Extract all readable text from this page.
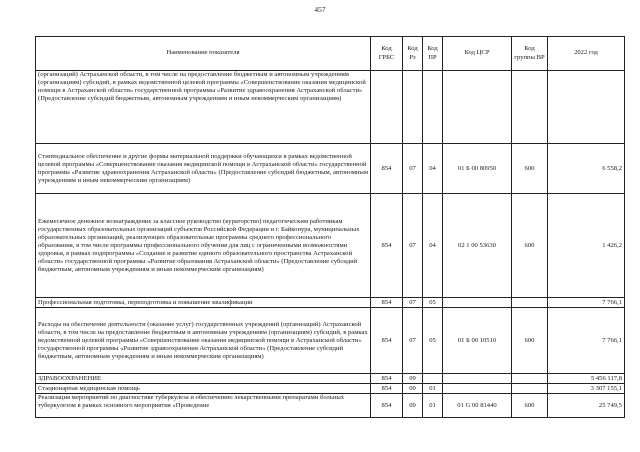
457
Наименование показателя	Код ГРБС	Код Рз	Код ПР	Код ЦСР	Код группы ВР	2022 год
(организаций) Астраханской области, в том числе на предоставление бюджетным и автономным учреждениям (организациям) субсидий, в рамках ведомственной целевой программы «Совершенствование оказания медицинской помощи в Астраханской области» государственной программы «Развитие здравоохранения Астраханской области» (Предоставление субсидий бюджетным, автономным учреждениям и иным некоммерческим организациям)						
Стипендиальное обеспечение и другие формы материальной поддержки обучающихся в рамках ведомственной целевой программы «Совершенствование оказания медицинской помощи в Астраханской области» государственной программы «Развитие здравоохранения Астраханской области» (Предоставление субсидий бюджетным, автономным учреждениям и иным некоммерческим организациям)	854	07	04	01 Б 00 80950	600	6 558,2
Ежемесячное денежное вознаграждение за классное руководство (кураторство) педагогическим работникам государственных образовательных организаций субъектов Российской Федерации и г. Байконура, муниципальных образовательных организаций, реализующих образовательные программы среднего профессионального образования, в том числе программы профессионального обучения для лиц с ограниченными возможностями здоровья, в рамках подпрограммы «Создание и развитие единого образовательного пространства Астраханской области» государственной программы «Развитие образования Астраханской области» (Предоставление субсидий бюджетным, автономным учреждениям и иным некоммерческим организациям)	854	07	04	02 1 00 53630	600	1 426,2
Профессиональная подготовка, переподготовка и повышение квалификации	854	07	05			7 766,1
Расходы на обеспечение деятельности (оказание услуг) государственных учреждений (организаций) Астраханской области, в том числе на предоставление бюджетным и автономным учреждениям (организациям) субсидий, в рамках ведомственной целевой программы «Совершенствование оказания медицинской помощи в Астраханской области» государственной программы «Развитие здравоохранения Астраханской области» (Предоставление субсидий бюджетным, автономным учреждениям и иным некоммерческим организациям)	854	07	05	01 Б 00 10510	600	7 766,1
ЗДРАВООХРАНЕНИЕ	854	09				5 456 117,8
Стационарная медицинская помощь	854	09	01			3 307 155,1
Реализация мероприятий по диагностике туберкулеза и обеспечению лекарственными препаратами больных туберкулезом в рамках основного мероприятия «Проведение	854	09	01	01 G 00 81440	600	25 749,5
